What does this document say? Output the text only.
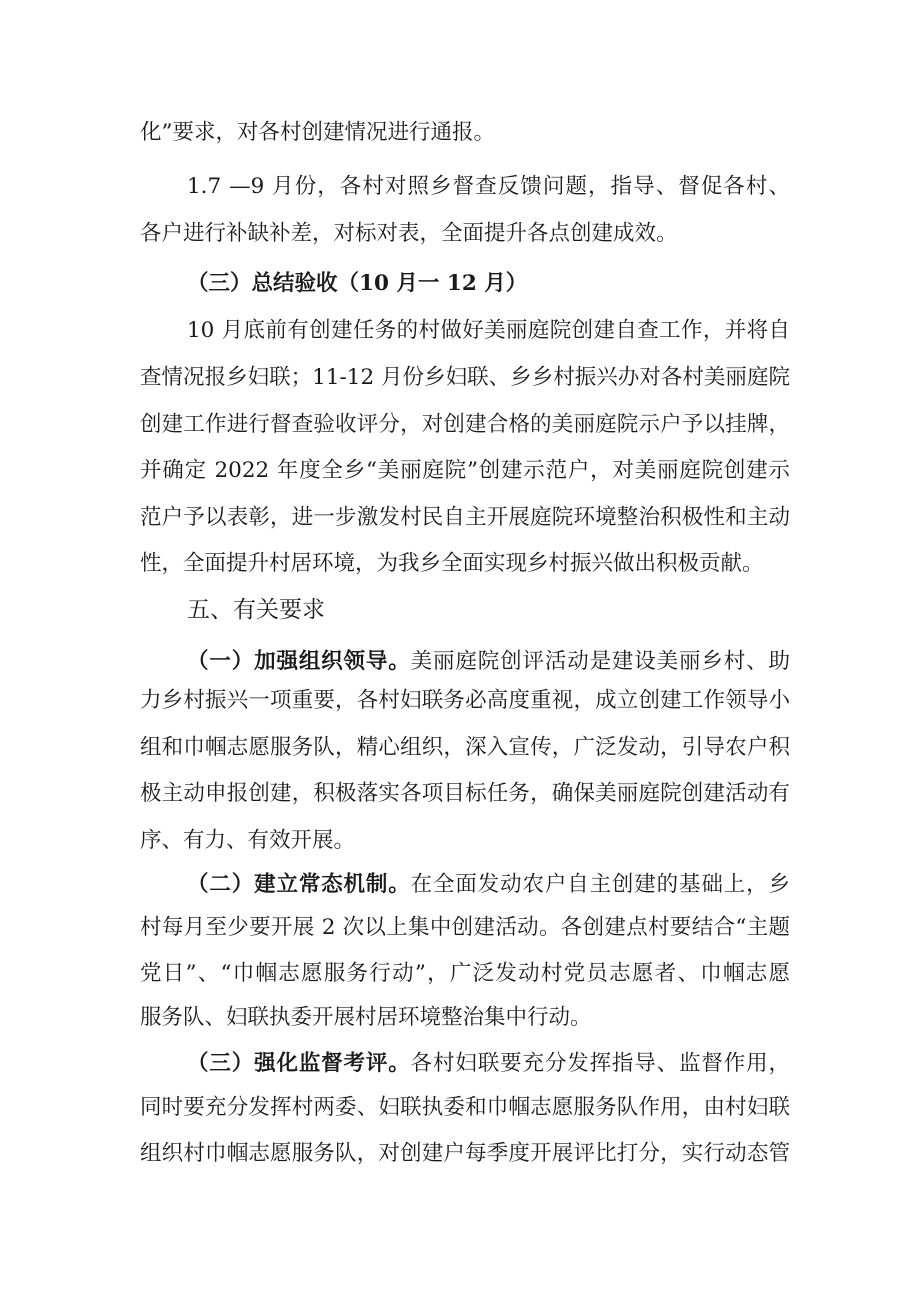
化”要求，对各村创建情况进行通报。
1.7 —9 月份，各村对照乡督查反馈问题，指导、督促各村、
各户进行补缺补差，对标对表，全面提升各点创建成效。
（三）总结验收（10 月一 12 月）
10 月底前有创建任务的村做好美丽庭院创建自查工作，并将自
查情况报乡妇联；11-12 月份乡妇联、乡乡村振兴办对各村美丽庭院
创建工作进行督查验收评分，对创建合格的美丽庭院示户予以挂牌，
并确定 2022 年度全乡“美丽庭院”创建示范户，对美丽庭院创建示
范户予以表彰，进一步激发村民自主开展庭院环境整治积极性和主动
性，全面提升村居环境，为我乡全面实现乡村振兴做出积极贡献。
五、有关要求
（一）加强组织领导。美丽庭院创评活动是建设美丽乡村、助
力乡村振兴一项重要，各村妇联务必高度重视，成立创建工作领导小
组和巾帼志愿服务队，精心组织，深入宣传，广泛发动，引导农户积
极主动申报创建，积极落实各项目标任务，确保美丽庭院创建活动有
序、有力、有效开展。
（二）建立常态机制。在全面发动农户自主创建的基础上，乡
村每月至少要开展 2 次以上集中创建活动。各创建点村要结合“主题
党日”、“巾帼志愿服务行动”，广泛发动村党员志愿者、巾帼志愿
服务队、妇联执委开展村居环境整治集中行动。
（三）强化监督考评。各村妇联要充分发挥指导、监督作用，
同时要充分发挥村两委、妇联执委和巾帼志愿服务队作用，由村妇联
组织村巾帼志愿服务队，对创建户每季度开展评比打分，实行动态管
